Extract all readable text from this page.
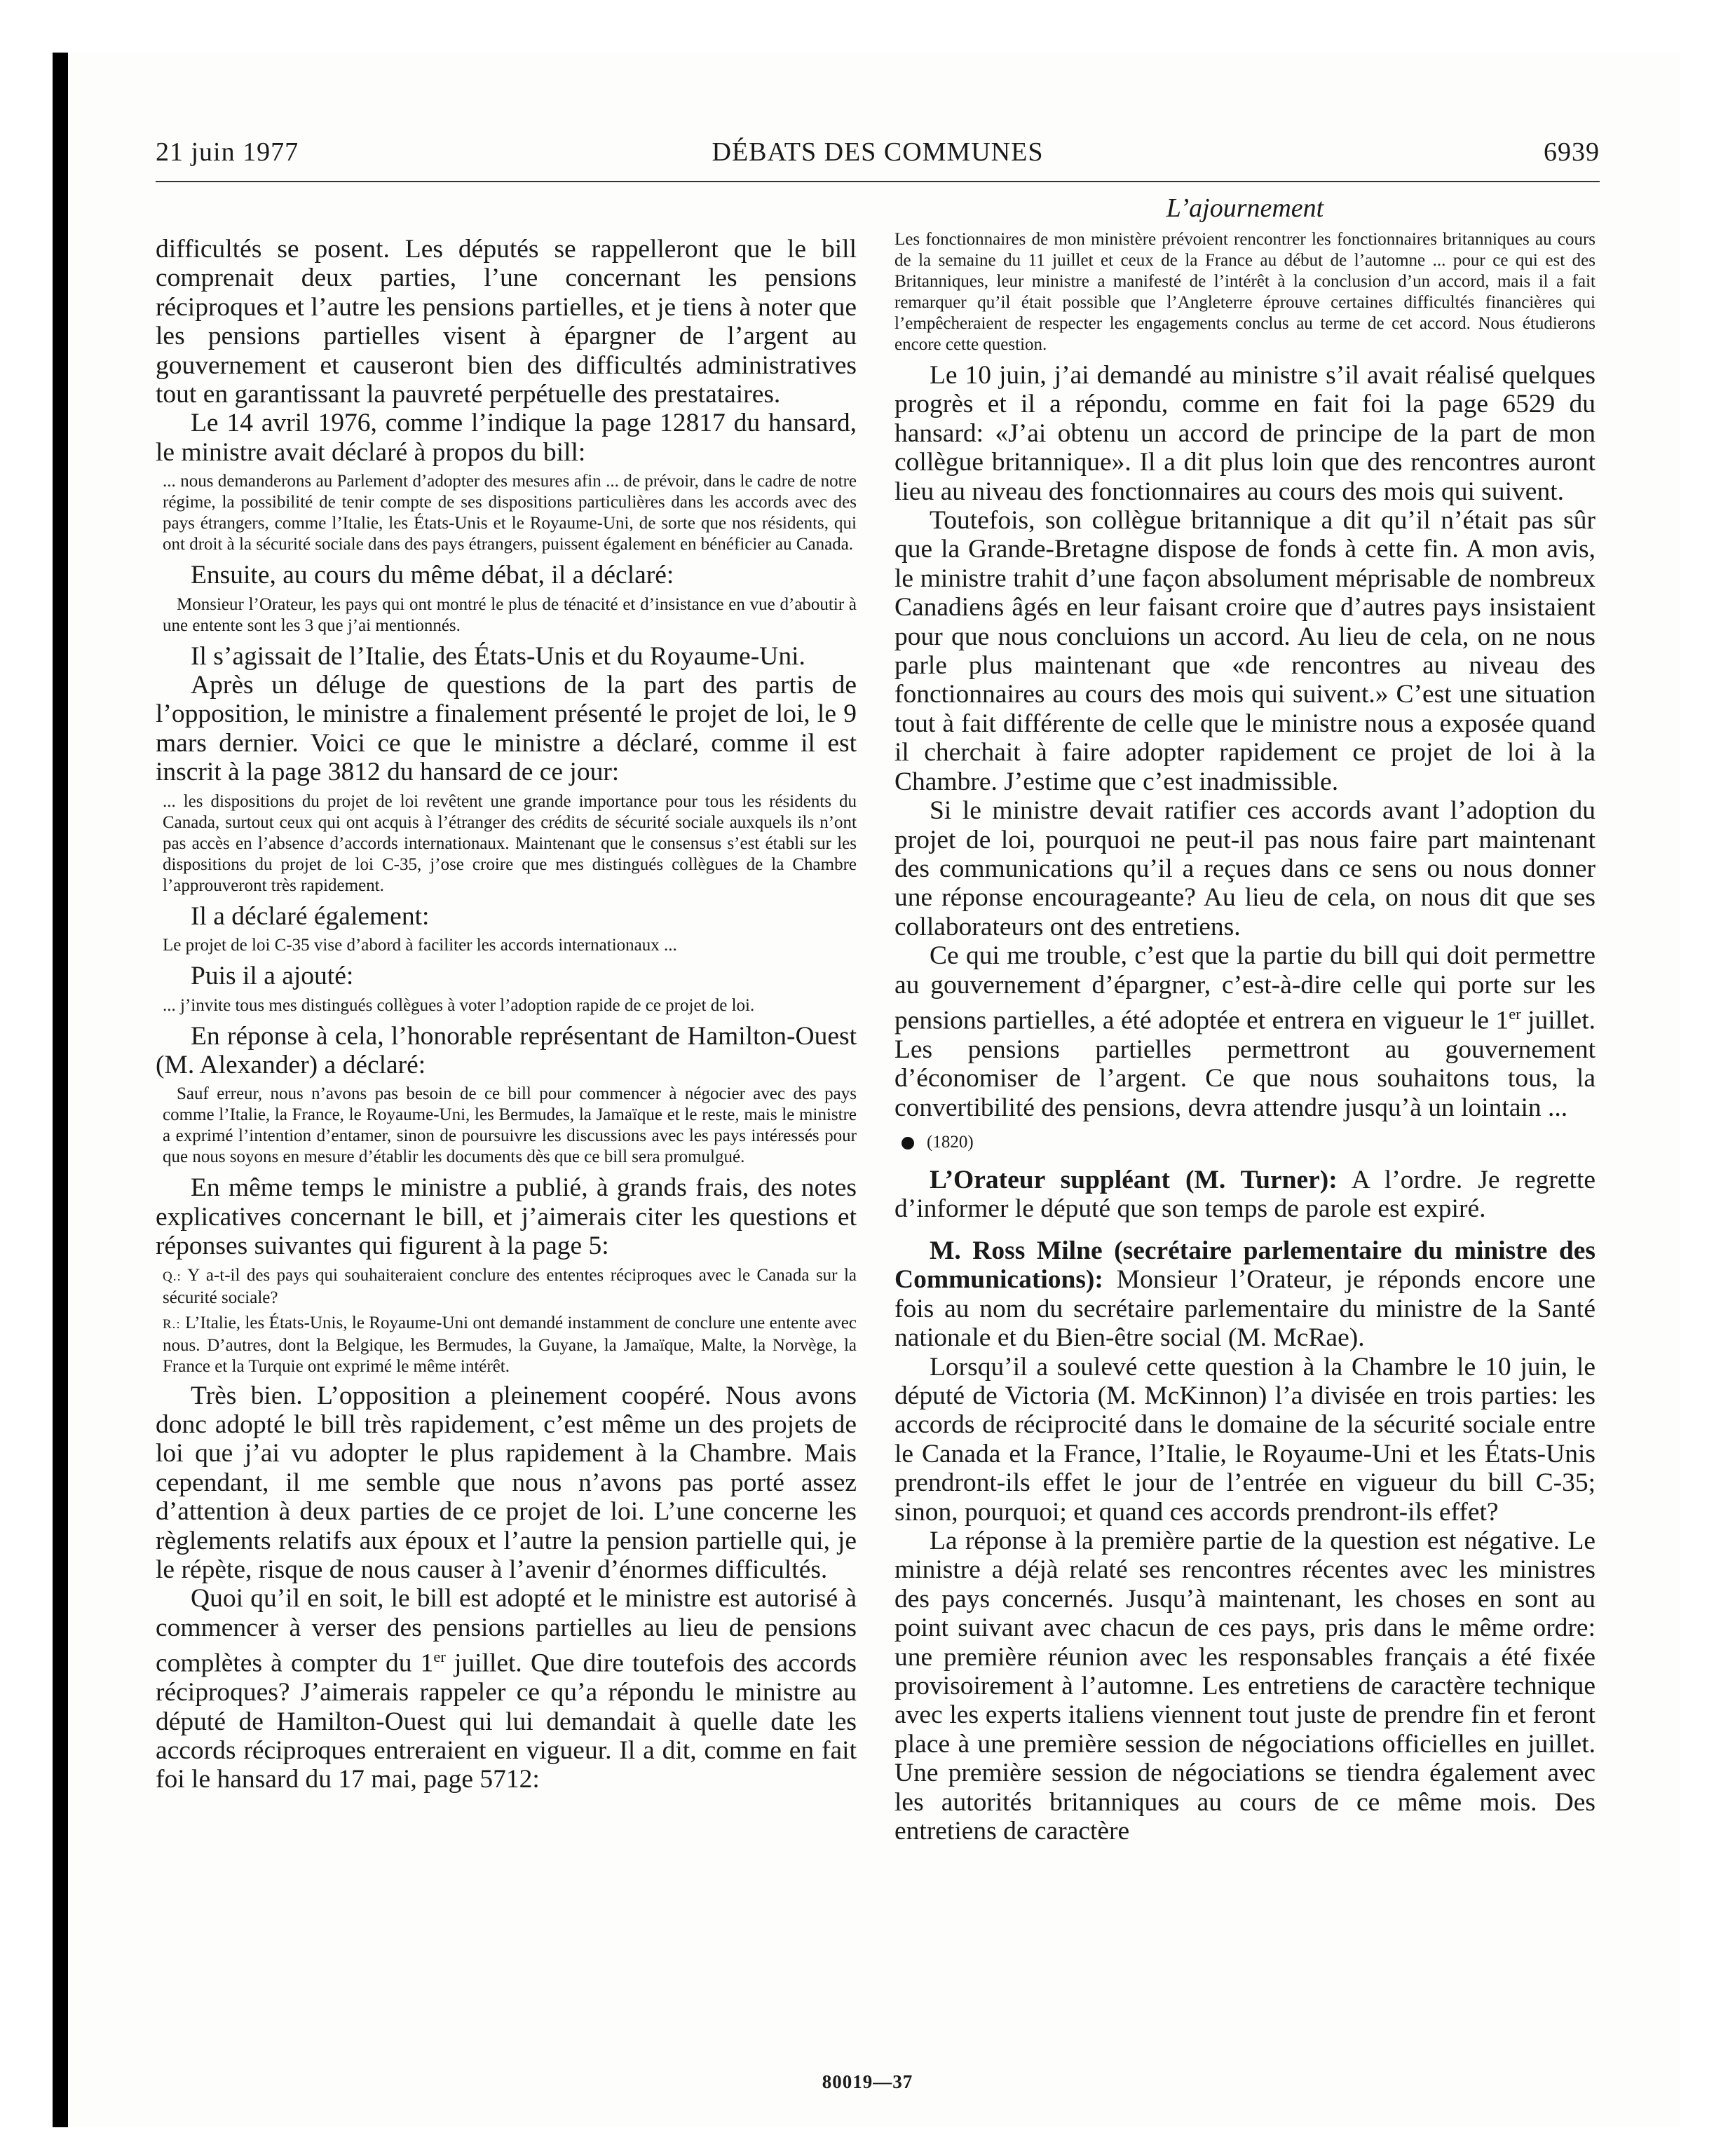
21 juin 1977	DÉBATS DES COMMUNES	6939

difficultés se posent. Les députés se rappelleront que le bill comprenait deux parties, l’une concernant les pensions réciproques et l’autre les pensions partielles, et je tiens à noter que les pensions partielles visent à épargner de l’argent au gouvernement et causeront bien des difficultés administratives tout en garantissant la pauvreté perpétuelle des prestataires.

Le 14 avril 1976, comme l’indique la page 12817 du hansard, le ministre avait déclaré à propos du bill:

... nous demanderons au Parlement d’adopter des mesures afin ... de prévoir, dans le cadre de notre régime, la possibilité de tenir compte de ses dispositions particulières dans les accords avec des pays étrangers, comme l’Italie, les États-Unis et le Royaume-Uni, de sorte que nos résidents, qui ont droit à la sécurité sociale dans des pays étrangers, puissent également en bénéficier au Canada.

Ensuite, au cours du même débat, il a déclaré:

Monsieur l’Orateur, les pays qui ont montré le plus de ténacité et d’insistance en vue d’aboutir à une entente sont les 3 que j’ai mentionnés.

Il s’agissait de l’Italie, des États-Unis et du Royaume-Uni.

Après un déluge de questions de la part des partis de l’opposition, le ministre a finalement présenté le projet de loi, le 9 mars dernier. Voici ce que le ministre a déclaré, comme il est inscrit à la page 3812 du hansard de ce jour:

... les dispositions du projet de loi revêtent une grande importance pour tous les résidents du Canada, surtout ceux qui ont acquis à l’étranger des crédits de sécurité sociale auxquels ils n’ont pas accès en l’absence d’accords internationaux. Maintenant que le consensus s’est établi sur les dispositions du projet de loi C-35, j’ose croire que mes distingués collègues de la Chambre l’approuveront très rapidement.

Il a déclaré également:

Le projet de loi C-35 vise d’abord à faciliter les accords internationaux ...

Puis il a ajouté:

... j’invite tous mes distingués collègues à voter l’adoption rapide de ce projet de loi.

En réponse à cela, l’honorable représentant de Hamilton-Ouest (M. Alexander) a déclaré:

Sauf erreur, nous n’avons pas besoin de ce bill pour commencer à négocier avec des pays comme l’Italie, la France, le Royaume-Uni, les Bermudes, la Jamaïque et le reste, mais le ministre a exprimé l’intention d’entamer, sinon de poursuivre les discussions avec les pays intéressés pour que nous soyons en mesure d’établir les documents dès que ce bill sera promulgué.

En même temps le ministre a publié, à grands frais, des notes explicatives concernant le bill, et j’aimerais citer les questions et réponses suivantes qui figurent à la page 5:

Q.: Y a-t-il des pays qui souhaiteraient conclure des ententes réciproques avec le Canada sur la sécurité sociale?

R.: L’Italie, les États-Unis, le Royaume-Uni ont demandé instamment de conclure une entente avec nous. D’autres, dont la Belgique, les Bermudes, la Guyane, la Jamaïque, Malte, la Norvège, la France et la Turquie ont exprimé le même intérêt.

Très bien. L’opposition a pleinement coopéré. Nous avons donc adopté le bill très rapidement, c’est même un des projets de loi que j’ai vu adopter le plus rapidement à la Chambre. Mais cependant, il me semble que nous n’avons pas porté assez d’attention à deux parties de ce projet de loi. L’une concerne les règlements relatifs aux époux et l’autre la pension partielle qui, je le répète, risque de nous causer à l’avenir d’énormes difficultés.

Quoi qu’il en soit, le bill est adopté et le ministre est autorisé à commencer à verser des pensions partielles au lieu de pensions complètes à compter du 1er juillet. Que dire toutefois des accords réciproques? J’aimerais rappeler ce qu’a répondu le ministre au député de Hamilton-Ouest qui lui demandait à quelle date les accords réciproques entreraient en vigueur. Il a dit, comme en fait foi le hansard du 17 mai, page 5712:

L’ajournement

Les fonctionnaires de mon ministère prévoient rencontrer les fonctionnaires britanniques au cours de la semaine du 11 juillet et ceux de la France au début de l’automne ... pour ce qui est des Britanniques, leur ministre a manifesté de l’intérêt à la conclusion d’un accord, mais il a fait remarquer qu’il était possible que l’Angleterre éprouve certaines difficultés financières qui l’empêcheraient de respecter les engagements conclus au terme de cet accord. Nous étudierons encore cette question.

Le 10 juin, j’ai demandé au ministre s’il avait réalisé quelques progrès et il a répondu, comme en fait foi la page 6529 du hansard: «J’ai obtenu un accord de principe de la part de mon collègue britannique». Il a dit plus loin que des rencontres auront lieu au niveau des fonctionnaires au cours des mois qui suivent.

Toutefois, son collègue britannique a dit qu’il n’était pas sûr que la Grande-Bretagne dispose de fonds à cette fin. A mon avis, le ministre trahit d’une façon absolument méprisable de nombreux Canadiens âgés en leur faisant croire que d’autres pays insistaient pour que nous concluions un accord. Au lieu de cela, on ne nous parle plus maintenant que «de rencontres au niveau des fonctionnaires au cours des mois qui suivent.» C’est une situation tout à fait différente de celle que le ministre nous a exposée quand il cherchait à faire adopter rapidement ce projet de loi à la Chambre. J’estime que c’est inadmissible.

Si le ministre devait ratifier ces accords avant l’adoption du projet de loi, pourquoi ne peut-il pas nous faire part maintenant des communications qu’il a reçues dans ce sens ou nous donner une réponse encourageante? Au lieu de cela, on nous dit que ses collaborateurs ont des entretiens.

Ce qui me trouble, c’est que la partie du bill qui doit permettre au gouvernement d’épargner, c’est-à-dire celle qui porte sur les pensions partielles, a été adoptée et entrera en vigueur le 1er juillet. Les pensions partielles permettront au gouvernement d’économiser de l’argent. Ce que nous souhaitons tous, la convertibilité des pensions, devra attendre jusqu’à un lointain ...

(1820)

L’Orateur suppléant (M. Turner): A l’ordre. Je regrette d’informer le député que son temps de parole est expiré.

M. Ross Milne (secrétaire parlementaire du ministre des Communications): Monsieur l’Orateur, je réponds encore une fois au nom du secrétaire parlementaire du ministre de la Santé nationale et du Bien-être social (M. McRae).

Lorsqu’il a soulevé cette question à la Chambre le 10 juin, le député de Victoria (M. McKinnon) l’a divisée en trois parties: les accords de réciprocité dans le domaine de la sécurité sociale entre le Canada et la France, l’Italie, le Royaume-Uni et les États-Unis prendront-ils effet le jour de l’entrée en vigueur du bill C-35; sinon, pourquoi; et quand ces accords prendront-ils effet?

La réponse à la première partie de la question est négative. Le ministre a déjà relaté ses rencontres récentes avec les ministres des pays concernés. Jusqu’à maintenant, les choses en sont au point suivant avec chacun de ces pays, pris dans le même ordre: une première réunion avec les responsables français a été fixée provisoirement à l’automne. Les entretiens de caractère technique avec les experts italiens viennent tout juste de prendre fin et feront place à une première session de négociations officielles en juillet. Une première session de négociations se tiendra également avec les autorités britanniques au cours de ce même mois. Des entretiens de caractère

80019—37
